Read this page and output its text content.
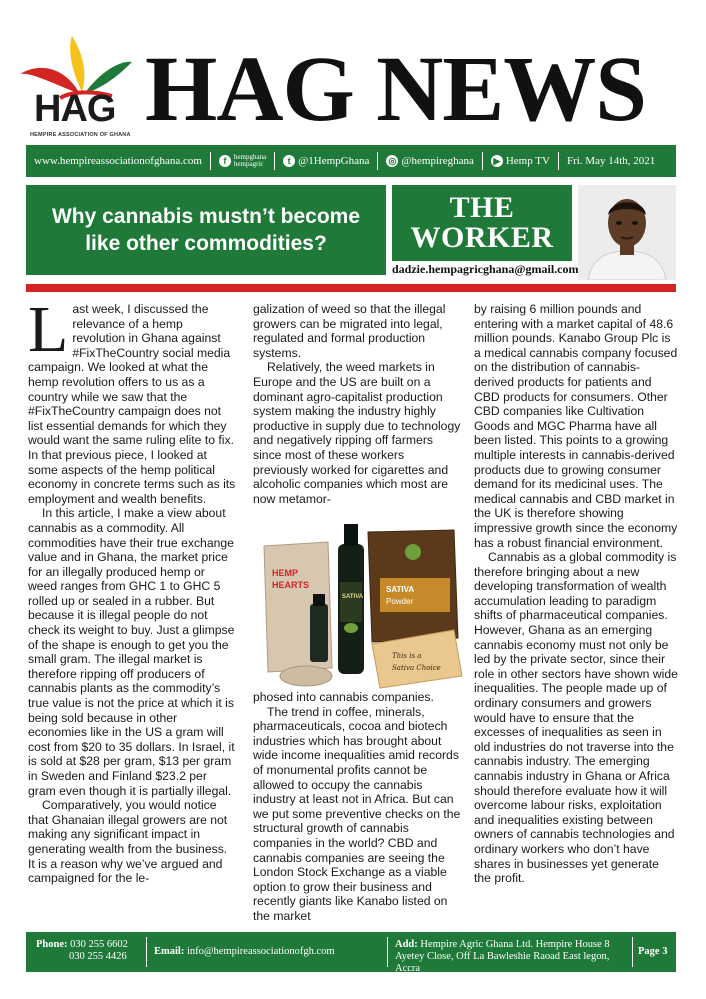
HAG
HEMPIRE ASSOCIATION OF GHANA HAG NEWS
www.hempireassociationofghana.com	f	hempghana
hempagric	t @1HempGhana ◎ @hempireghana ▶ Hemp TV Fri. May 14th, 2021
Why cannabis mustn’t become
like other commodities?
THE
WORKER
dadzie.hempagricghana@gmail.com
L ast week, I discussed the relevance of a hemp revolution in Ghana against #FixTheCountry social media campaign. We looked at what the hemp revolution offers to us as a country while we saw that the #FixTheCountry campaign does not list essential demands for which they would want the same ruling elite to fix. In that previous piece, I looked at some aspects of the hemp political economy in concrete terms such as its employment and wealth benefits.

In this article, I make a view about cannabis as a commodity. All commodities have their true exchange value and in Ghana, the market price for an illegally produced hemp or weed ranges from GHC 1 to GHC 5 rolled up or sealed in a rubber. But because it is illegal people do not check its weight to buy. Just a glimpse of the shape is enough to get you the small gram. The illegal market is therefore ripping off producers of cannabis plants as the commodity’s true value is not the price at which it is being sold because in other economies like in the US a gram will cost from $20 to 35 dollars. In Israel, it is sold at $28 per gram, $13 per gram in Sweden and Finland $23.2 per gram even though it is partially illegal.

Comparatively, you would notice that Ghanaian illegal growers are not making any significant impact in generating wealth from the business. It is a reason why we’ve argued and campaigned for the le-

galization of weed so that the illegal growers can be migrated into legal, regulated and formal production systems.

Relatively, the weed markets in Europe and the US are built on a dominant agro-capitalist production system making the industry highly productive in supply due to technology and negatively ripping off farmers since most of these workers previously worked for cigarettes and alcoholic companies which most are now metamor-

HEMP
HEARTS
SATIVA
SATIVA
Powder
This is a
Sativa Choice

phosed into cannabis companies.

The trend in coffee, minerals, pharmaceuticals, cocoa and biotech industries which has brought about wide income inequalities amid records of monumental profits cannot be allowed to occupy the cannabis industry at least not in Africa. But can we put some preventive checks on the structural growth of cannabis companies in the world? CBD and cannabis companies are seeing the London Stock Exchange as a viable option to grow their business and recently giants like Kanabo listed on the market

by raising 6 million pounds and entering with a market capital of 48.6 million pounds. Kanabo Group Plc is a medical cannabis company focused on the distribution of cannabis-derived products for patients and CBD products for consumers. Other CBD companies like Cultivation Goods and MGC Pharma have all been listed. This points to a growing multiple interests in cannabis-derived products due to growing consumer demand for its medicinal uses. The medical cannabis and CBD market in the UK is therefore showing impressive growth since the economy has a robust financial environment.

Cannabis as a global commodity is therefore bringing about a new developing transformation of wealth accumulation leading to paradigm shifts of pharmaceutical companies. However, Ghana as an emerging cannabis economy must not only be led by the private sector, since their role in other sectors have shown wide inequalities. The people made up of ordinary consumers and growers would have to ensure that the excesses of inequalities as seen in old industries do not traverse into the cannabis industry. The emerging cannabis industry in Ghana or Africa should therefore evaluate how it will overcome labour risks, exploitation and inequalities existing between owners of cannabis technologies and ordinary workers who don’t have shares in businesses yet generate the profit.

Phone: 030 255 6602
030 255 4426	Email: info@hempireassociationofgh.com
Add: Hempire Agric Ghana Ltd. Hempire House 8 Ayetey Close, Off La Bawleshie Raoad East legon, Accra
Page 3
